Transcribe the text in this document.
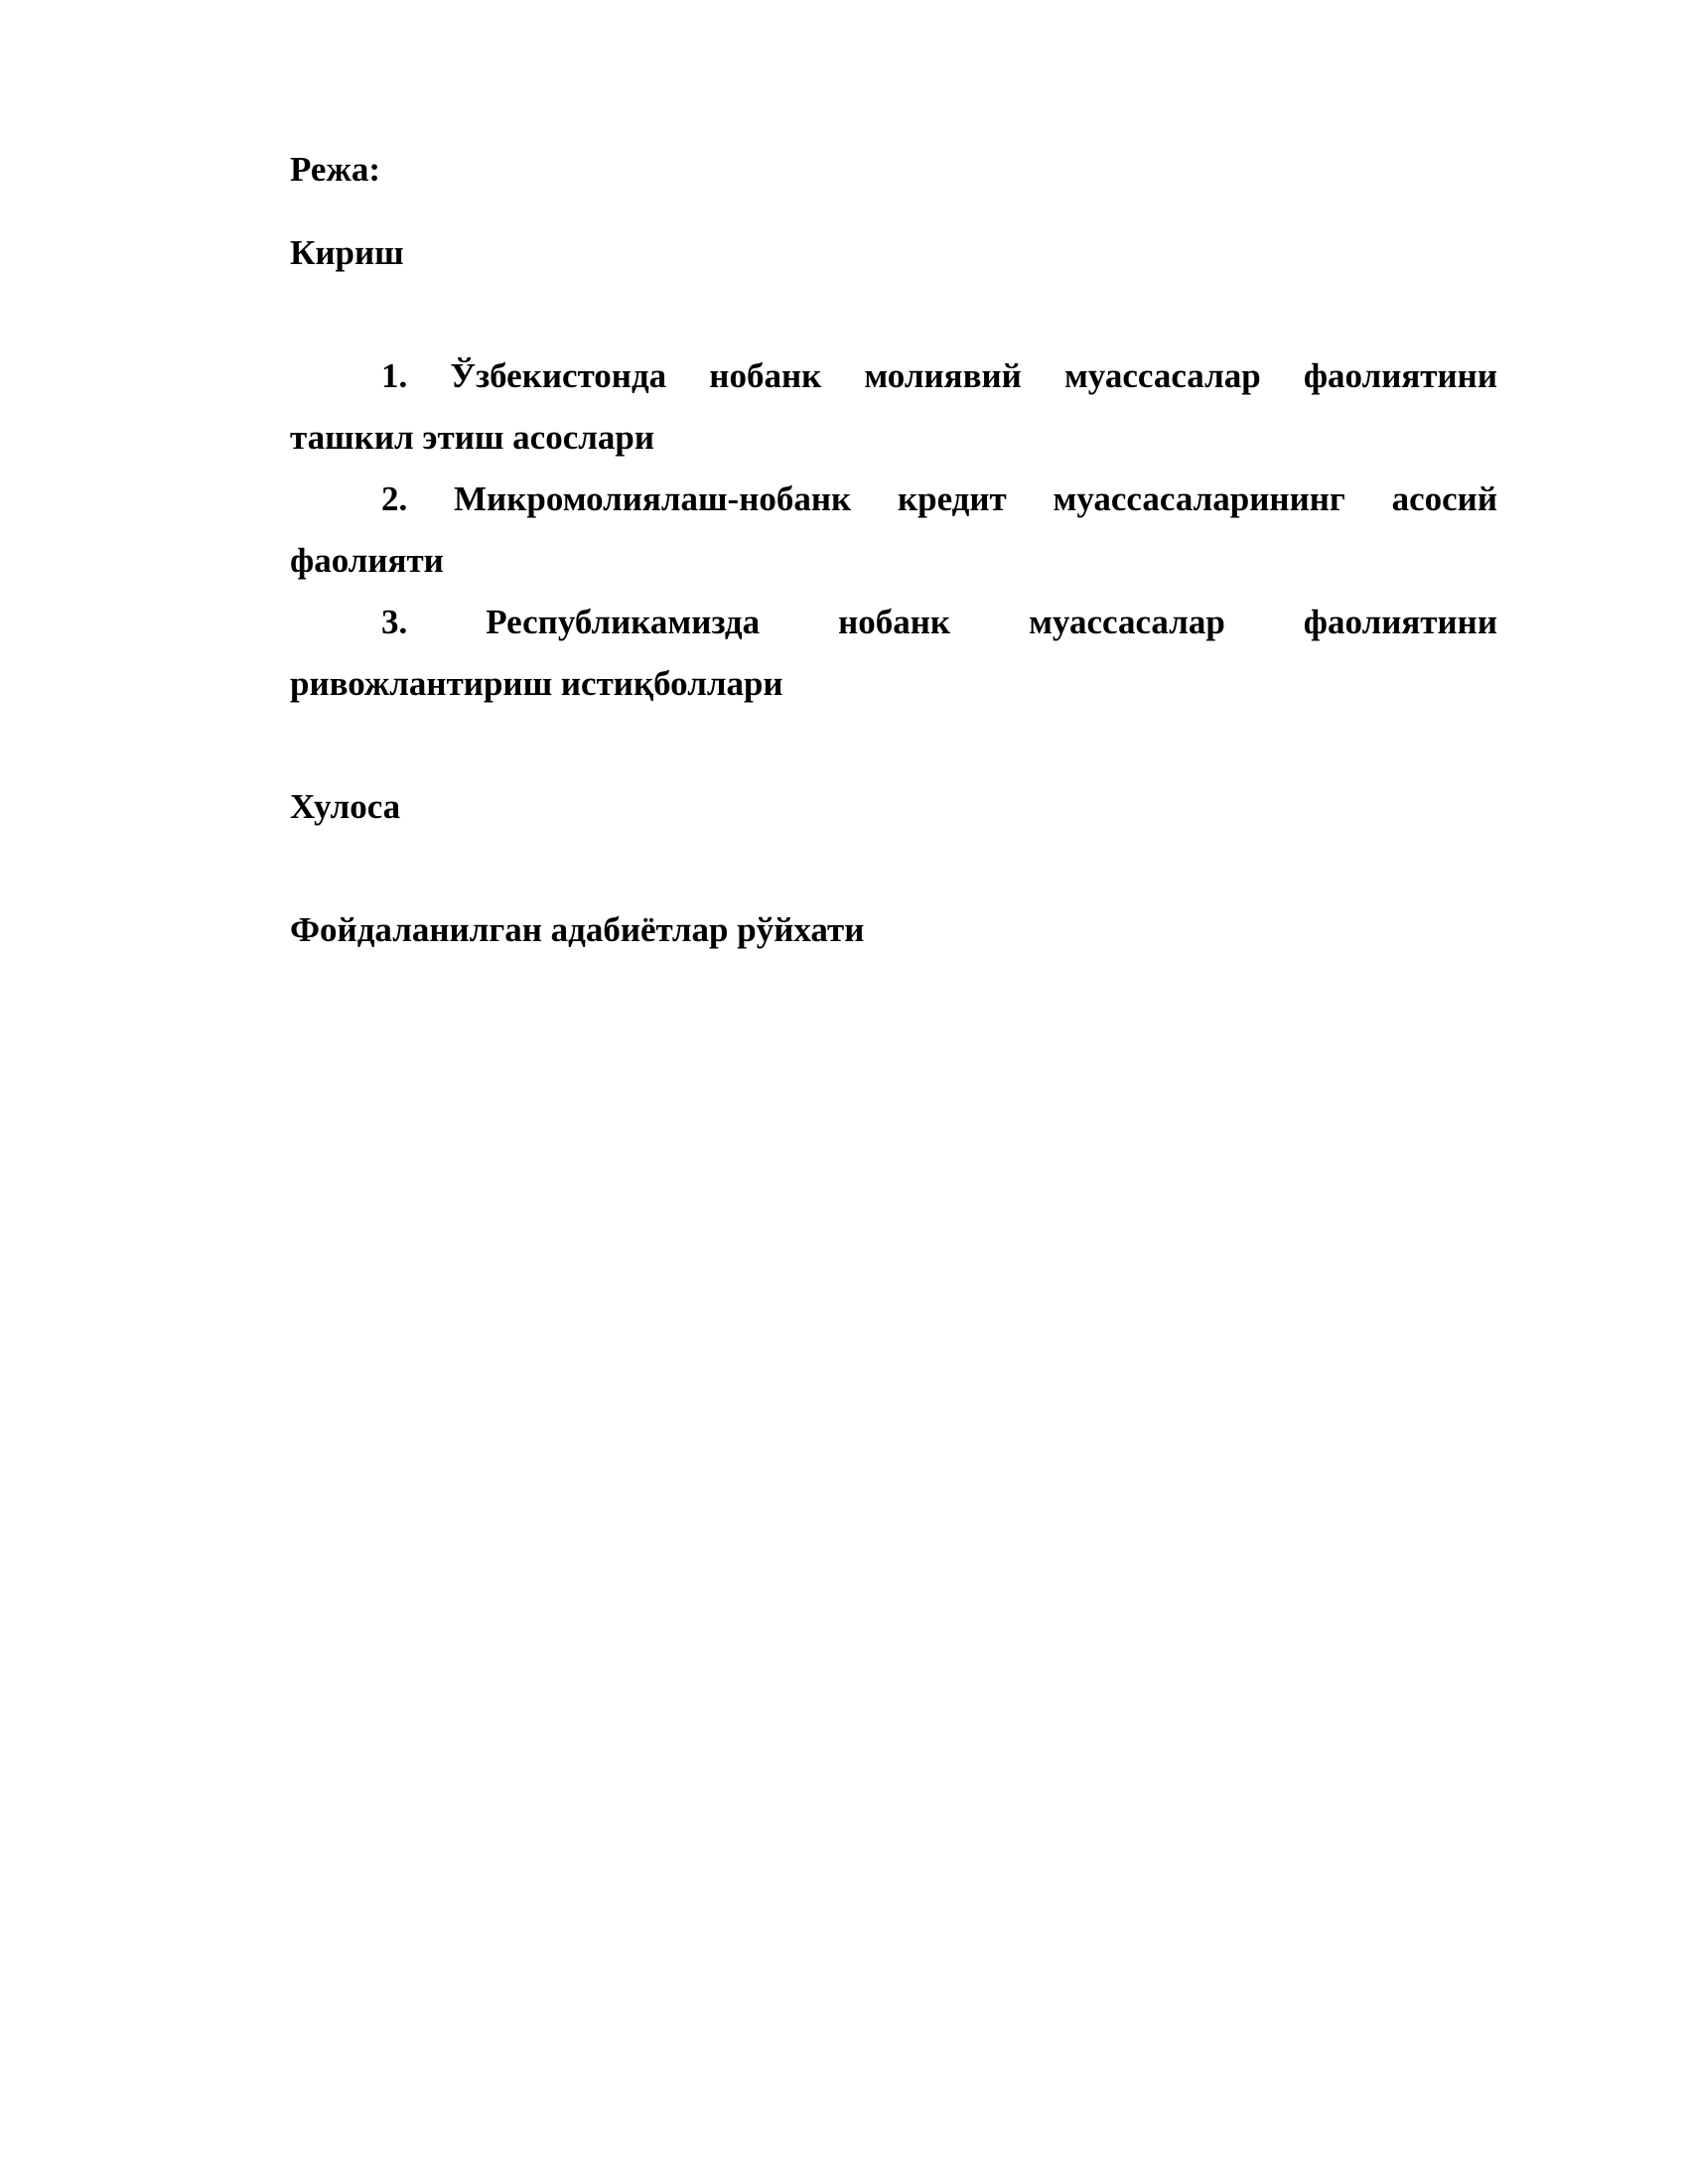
Режа:

Кириш

1. Ўзбекистонда нобанк молиявий муассасалар фаолиятини
ташкил этиш асослари
2. Микромолиялаш-нобанк кредит муассасаларининг асосий
фаолияти
3. Республикамизда нобанк муассасалар фаолиятини
ривожлантириш истиқболлари

Хулоса

Фойдаланилган адабиётлар рўйхати
